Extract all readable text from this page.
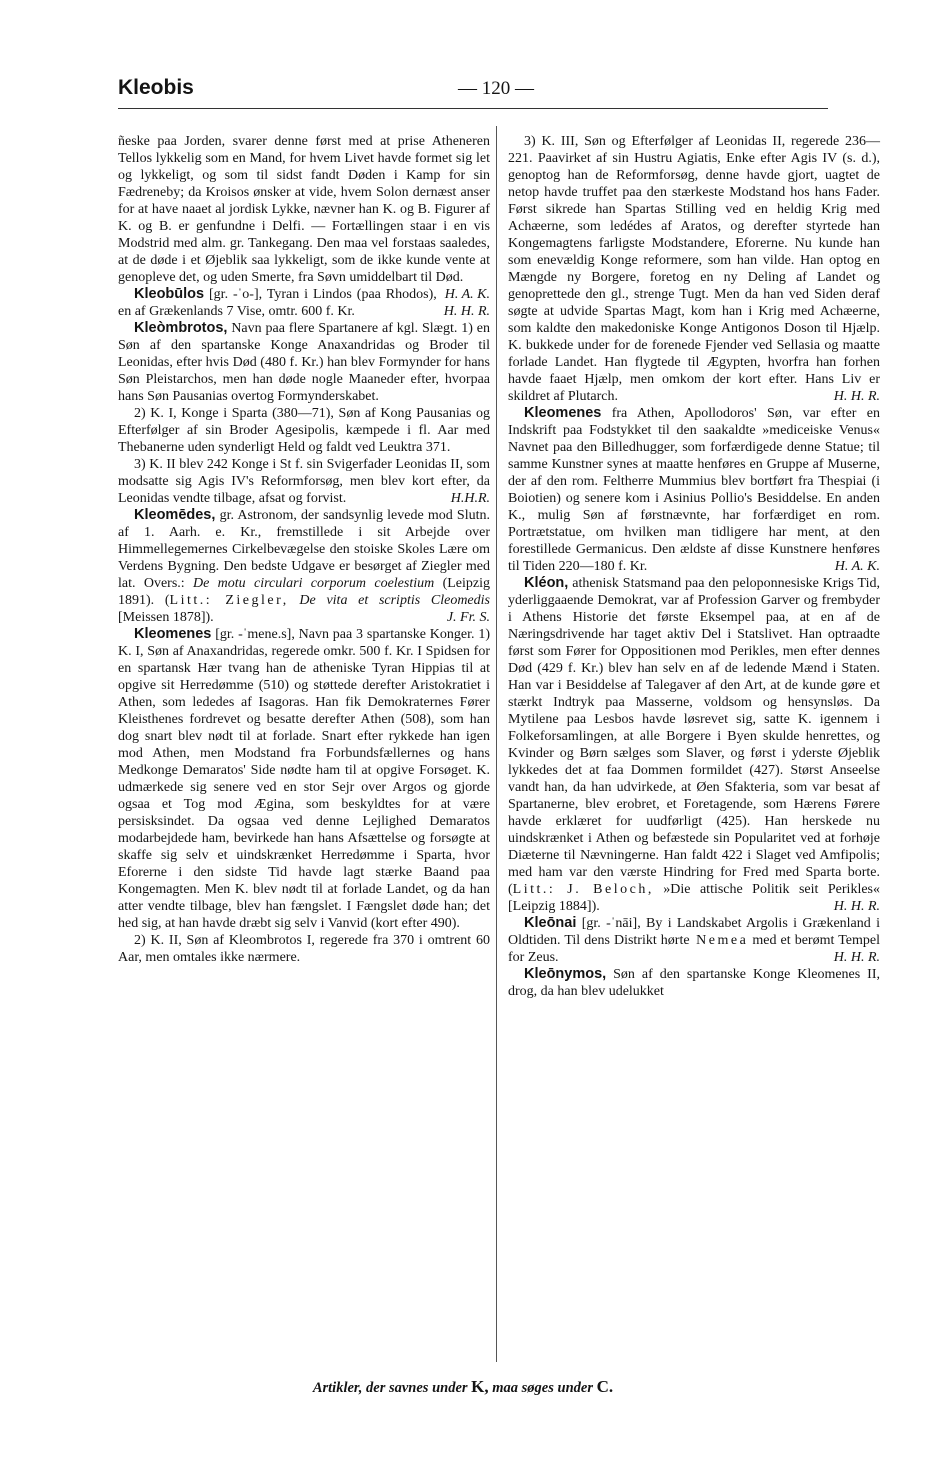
Kleobis	— 120 —

ñeske paa Jorden, svarer denne først med at prise Atheneren Tellos lykkelig som en Mand, for hvem Livet havde formet sig let og lykkeligt, og som til sidst fandt Døden i Kamp for sin Fædreneby; da Kroisos ønsker at vide, hvem Solon dernæst anser for at have naaet al jordisk Lykke, nævner han K. og B. Figurer af K. og B. er genfundne i Delfi. — Fortællingen staar i en vis Modstrid med alm. gr. Tankegang. Den maa vel forstaas saaledes, at de døde i et Øjeblik saa lykkeligt, som de ikke kunde vente at genopleve det, og uden Smerte, fra Søvn umiddelbart til Død.
H. A. K.

Kleobūlos [gr. -ˈo-], Tyran i Lindos (paa Rhodos), en af Grækenlands 7 Vise, omtr. 600 f. Kr.	H. H. R.

Kleòmbrotos, Navn paa flere Spartanere af kgl. Slægt. 1) en Søn af den spartanske Konge Anaxandridas og Broder til Leonidas, efter hvis Død (480 f. Kr.) han blev Formynder for hans Søn Pleistarchos, men han døde nogle Maaneder efter, hvorpaa hans Søn Pausanias overtog Formynderskabet.

2) K. I, Konge i Sparta (380—71), Søn af Kong Pausanias og Efterfølger af sin Broder Agesipolis, kæmpede i fl. Aar med Thebanerne uden synderligt Held og faldt ved Leuktra 371.

3) K. II blev 242 Konge i St f. sin Svigerfader Leonidas II, som modsatte sig Agis IV's Reformforsøg, men blev kort efter, da Leonidas vendte tilbage, afsat og forvist.	H.H.R.

Kleomēdes, gr. Astronom, der sandsynlig levede mod Slutn. af 1. Aarh. e. Kr., fremstillede i sit Arbejde over Himmellegemernes Cirkelbevægelse den stoiske Skoles Lære om Verdens Bygning. Den bedste Udgave er besørget af Ziegler med lat. Overs.: De motu circulari corporum coelestium (Leipzig 1891). (Litt.: Ziegler, De vita et scriptis Cleomedis [Meissen 1878]).	J. Fr. S.

Kleomenes [gr. -ˈmene.s], Navn paa 3 spartanske Konger. 1) K. I, Søn af Anaxandridas, regerede omkr. 500 f. Kr. I Spidsen for en spartansk Hær tvang han de atheniske Tyran Hippias til at opgive sit Herredømme (510) og støttede derefter Aristokratiet i Athen, som lededes af Isagoras. Han fik Demokraternes Fører Kleisthenes fordrevet og besatte derefter Athen (508), som han dog snart blev nødt til at forlade. Snart efter rykkede han igen mod Athen, men Modstand fra Forbundsfællernes og hans Medkonge Demaratos' Side nødte ham til at opgive Forsøget. K. udmærkede sig senere ved en stor Sejr over Argos og gjorde ogsaa et Tog mod Ægina, som beskyldtes for at være persisksindet. Da ogsaa ved denne Lejlighed Demaratos modarbejdede ham, bevirkede han hans Afsættelse og forsøgte at skaffe sig selv et uindskrænket Herredømme i Sparta, hvor Eforerne i den sidste Tid havde lagt stærke Baand paa Kongemagten. Men K. blev nødt til at forlade Landet, og da han atter vendte tilbage, blev han fængslet. I Fængslet døde han; det hed sig, at han havde dræbt sig selv i Vanvid (kort efter 490).

2) K. II, Søn af Kleombrotos I, regerede fra 370 i omtrent 60 Aar, men omtales ikke nærmere.

3) K. III, Søn og Efterfølger af Leonidas II, regerede 236—221. Paavirket af sin Hustru Agiatis, Enke efter Agis IV (s. d.), genoptog han de Reformforsøg, denne havde gjort, uagtet de netop havde truffet paa den stærkeste Modstand hos hans Fader. Først sikrede han Spartas Stilling ved en heldig Krig med Achæerne, som ledédes af Aratos, og derefter styrtede han Kongemagtens farligste Modstandere, Eforerne. Nu kunde han som enevældig Konge reformere, som han vilde. Han optog en Mængde ny Borgere, foretog en ny Deling af Landet og genoprettede den gl., strenge Tugt. Men da han ved Siden deraf søgte at udvide Spartas Magt, kom han i Krig med Achæerne, som kaldte den makedoniske Konge Antigonos Doson til Hjælp. K. bukkede under for de forenede Fjender ved Sellasia og maatte forlade Landet. Han flygtede til Ægypten, hvorfra han forhen havde faaet Hjælp, men omkom der kort efter. Hans Liv er skildret af Plutarch.	H. H. R.

Kleomenes fra Athen, Apollodoros' Søn, var efter en Indskrift paa Fodstykket til den saakaldte »mediceiske Venus« Navnet paa den Billedhugger, som forfærdigede denne Statue; til samme Kunstner synes at maatte henføres en Gruppe af Muserne, der af den rom. Feltherre Mummius blev bortført fra Thespiai (i Boiotien) og senere kom i Asinius Pollio's Besiddelse. En anden K., mulig Søn af førstnævnte, har forfærdiget en rom. Portrætstatue, om hvilken man tidligere har ment, at den forestillede Germanicus. Den ældste af disse Kunstnere henføres til Tiden 220—180 f. Kr.	H. A. K.

Kléon, athenisk Statsmand paa den peloponnesiske Krigs Tid, yderliggaaende Demokrat, var af Profession Garver og frembyder i Athens Historie det første Eksempel paa, at en af de Næringsdrivende har taget aktiv Del i Statslivet. Han optraadte først som Fører for Oppositionen mod Perikles, men efter dennes Død (429 f. Kr.) blev han selv en af de ledende Mænd i Staten. Han var i Besiddelse af Talegaver af den Art, at de kunde gøre et stærkt Indtryk paa Masserne, voldsom og hensynsløs. Da Mytilene paa Lesbos havde løsrevet sig, satte K. igennem i Folkeforsamlingen, at alle Borgere i Byen skulde henrettes, og Kvinder og Børn sælges som Slaver, og først i yderste Øjeblik lykkedes det at faa Dommen formildet (427). Størst Anseelse vandt han, da han udvirkede, at Øen Sfakteria, som var besat af Spartanerne, blev erobret, et Foretagende, som Hærens Førere havde erklæret for uudførligt (425). Han herskede nu uindskrænket i Athen og befæstede sin Popularitet ved at forhøje Diæterne til Nævningerne. Han faldt 422 i Slaget ved Amfipolis; med ham var den værste Hindring for Fred med Sparta borte. (Litt.: J. Beloch, »Die attische Politik seit Perikles« [Leipzig 1884]).	H. H. R.

Kleōnai [gr. -ˈnāi], By i Landskabet Argolis i Grækenland i Oldtiden. Til dens Distrikt hørte Nemea med et berømt Tempel for Zeus.	H. H. R.

Kleōnymos, Søn af den spartanske Konge Kleomenes II, drog, da han blev udelukket

Artikler, der savnes under K, maa søges under C.
